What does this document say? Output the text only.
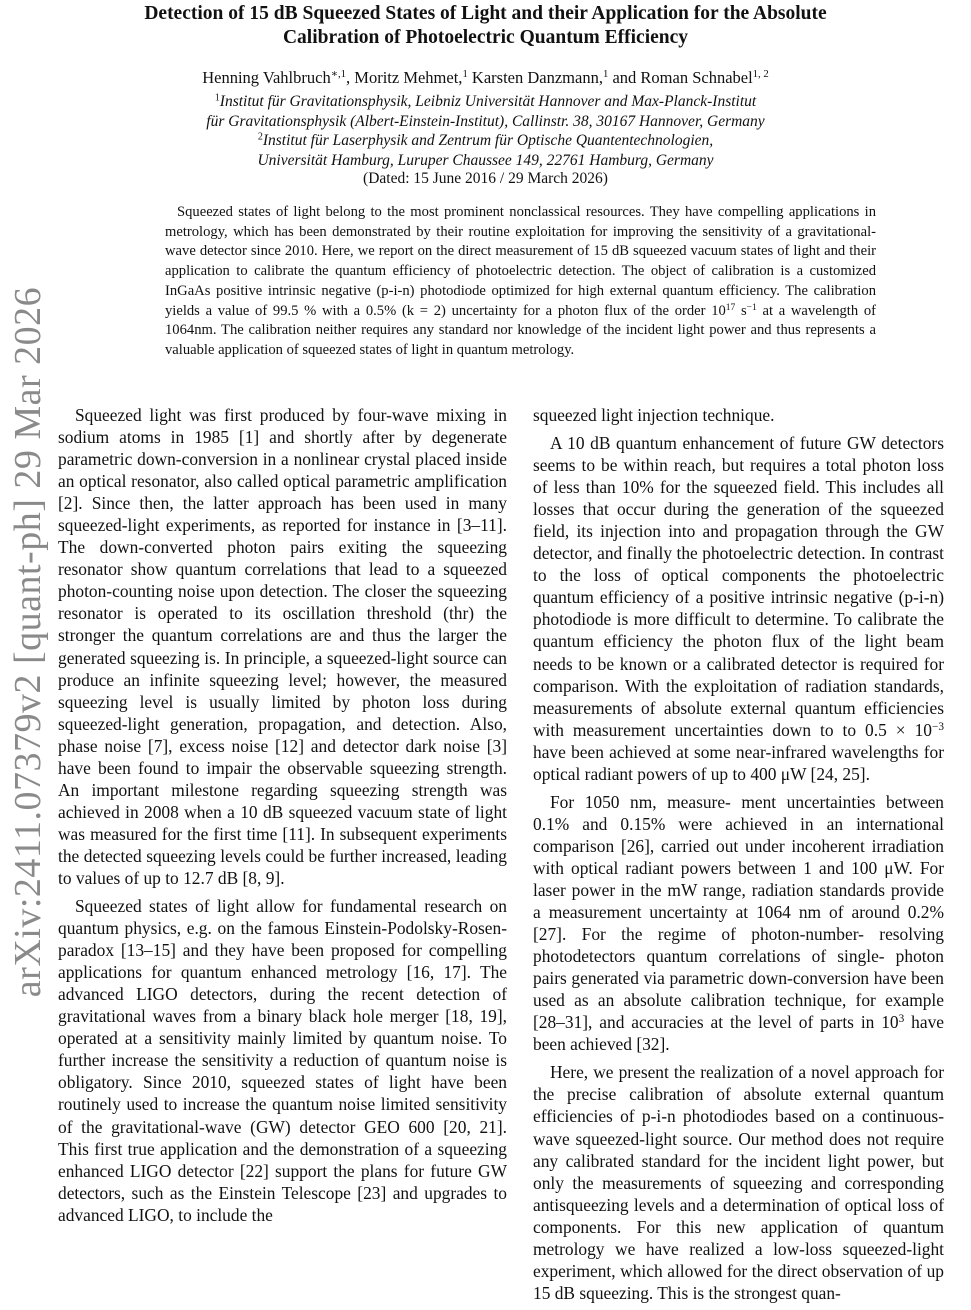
arXiv:2411.07379v2 [quant-ph] 29 Mar 2026
Detection of 15 dB Squeezed States of Light and their Application for the Absolute
Calibration of Photoelectric Quantum Efficiency
Henning Vahlbruch$^{∗,1}$, Moritz Mehmet,$^1$ Karsten Danzmann,$^1$ and Roman Schnabel$^{1, 2}$
$^1$Institut für Gravitationsphysik, Leibniz Universität Hannover and Max-Planck-Institut
für Gravitationsphysik (Albert-Einstein-Institut), Callinstr. 38, 30167 Hannover, Germany
$^2$Institut für Laserphysik and Zentrum für Optische Quantentechnologien,
Universität Hamburg, Luruper Chaussee 149, 22761 Hamburg, Germany
(Dated: 15 June 2016 / 29 March 2026)

Squeezed states of light belong to the most prominent nonclassical resources. They have compelling applications in metrology, which has been demonstrated by their routine exploitation for improving the sensitivity of a gravitational-wave detector since 2010. Here, we report on the direct measurement of 15 dB squeezed vacuum states of light and their application to calibrate the quantum efficiency of photoelectric detection. The object of calibration is a customized InGaAs positive intrinsic negative (p-i-n) photodiode optimized for high external quantum efficiency. The calibration yields a value of 99.5 % with a 0.5% (k = 2) uncertainty for a photon flux of the order $10^{17}$ $s^{-1}$ at a wavelength of 1064nm. The calibration neither requires any standard nor knowledge of the incident light power and thus represents a valuable application of squeezed states of light in quantum metrology.

Squeezed light was first produced by four-wave mixing in sodium atoms in 1985 [1] and shortly after by degenerate parametric down-conversion in a nonlinear crystal placed inside an optical resonator, also called optical parametric amplification [2]. Since then, the latter approach has been used in many squeezed-light experiments, as reported for instance in [3–11]. The down-converted photon pairs exiting the squeezing resonator show quantum correlations that lead to a squeezed photon-counting noise upon detection. The closer the squeezing resonator is operated to its oscillation threshold (thr) the stronger the quantum correlations are and thus the larger the generated squeezing is. In principle, a squeezed-light source can produce an infinite squeezing level; however, the measured squeezing level is usually limited by photon loss during squeezed-light generation, propagation, and detection. Also, phase noise [7], excess noise [12] and detector dark noise [3] have been found to impair the observable squeezing strength. An important milestone regarding squeezing strength was achieved in 2008 when a 10 dB squeezed vacuum state of light was measured for the first time [11]. In subsequent experiments the detected squeezing levels could be further increased, leading to values of up to 12.7 dB [8, 9].

Squeezed states of light allow for fundamental research on quantum physics, e.g. on the famous Einstein-Podolsky-Rosen-paradox [13–15] and they have been proposed for compelling applications for quantum enhanced metrology [16, 17]. The advanced LIGO detectors, during the recent detection of gravitational waves from a binary black hole merger [18, 19], operated at a sensitivity mainly limited by quantum noise. To further increase the sensitivity a reduction of quantum noise is obligatory. Since 2010, squeezed states of light have been routinely used to increase the quantum noise limited sensitivity of the gravitational-wave (GW) detector GEO 600 [20, 21]. This first true application and the demonstration of a squeezing enhanced LIGO detector [22] support the plans for future GW detectors, such as the Einstein Telescope [23] and upgrades to advanced LIGO, to include the

squeezed light injection technique.

A 10 dB quantum enhancement of future GW detectors seems to be within reach, but requires a total photon loss of less than 10% for the squeezed field. This includes all losses that occur during the generation of the squeezed field, its injection into and propagation through the GW detector, and finally the photoelectric detection. In contrast to the loss of optical components the photoelectric quantum efficiency of a positive intrinsic negative (p-i-n) photodiode is more difficult to determine. To calibrate the quantum efficiency the photon flux of the light beam needs to be known or a calibrated detector is required for comparison. With the exploitation of radiation standards, measurements of absolute external quantum efficiencies with measurement uncertainties down to to $0.5 \times 10^{-3}$ have been achieved at some near-infrared wavelengths for optical radiant powers of up to 400 μW [24, 25].

For 1050 nm, measure- ment uncertainties between 0.1% and 0.15% were achieved in an international comparison [26], carried out under incoherent irradiation with optical radiant powers between 1 and 100 μW. For laser power in the mW range, radiation standards provide a measurement uncertainty at 1064 nm of around 0.2% [27]. For the regime of photon-number- resolving photodetectors quantum correlations of single- photon pairs generated via parametric down-conversion have been used as an absolute calibration technique, for example [28–31], and accuracies at the level of parts in $10^3$ have been achieved [32].

Here, we present the realization of a novel approach for the precise calibration of absolute external quantum efficiencies of p-i-n photodiodes based on a continuous-wave squeezed-light source. Our method does not require any calibrated standard for the incident light power, but only the measurements of squeezing and corresponding antisqueezing levels and a determination of optical loss of components. For this new application of quantum metrology we have realized a low-loss squeezed-light experiment, which allowed for the direct observation of up 15 dB squeezing. This is the strongest quan-
